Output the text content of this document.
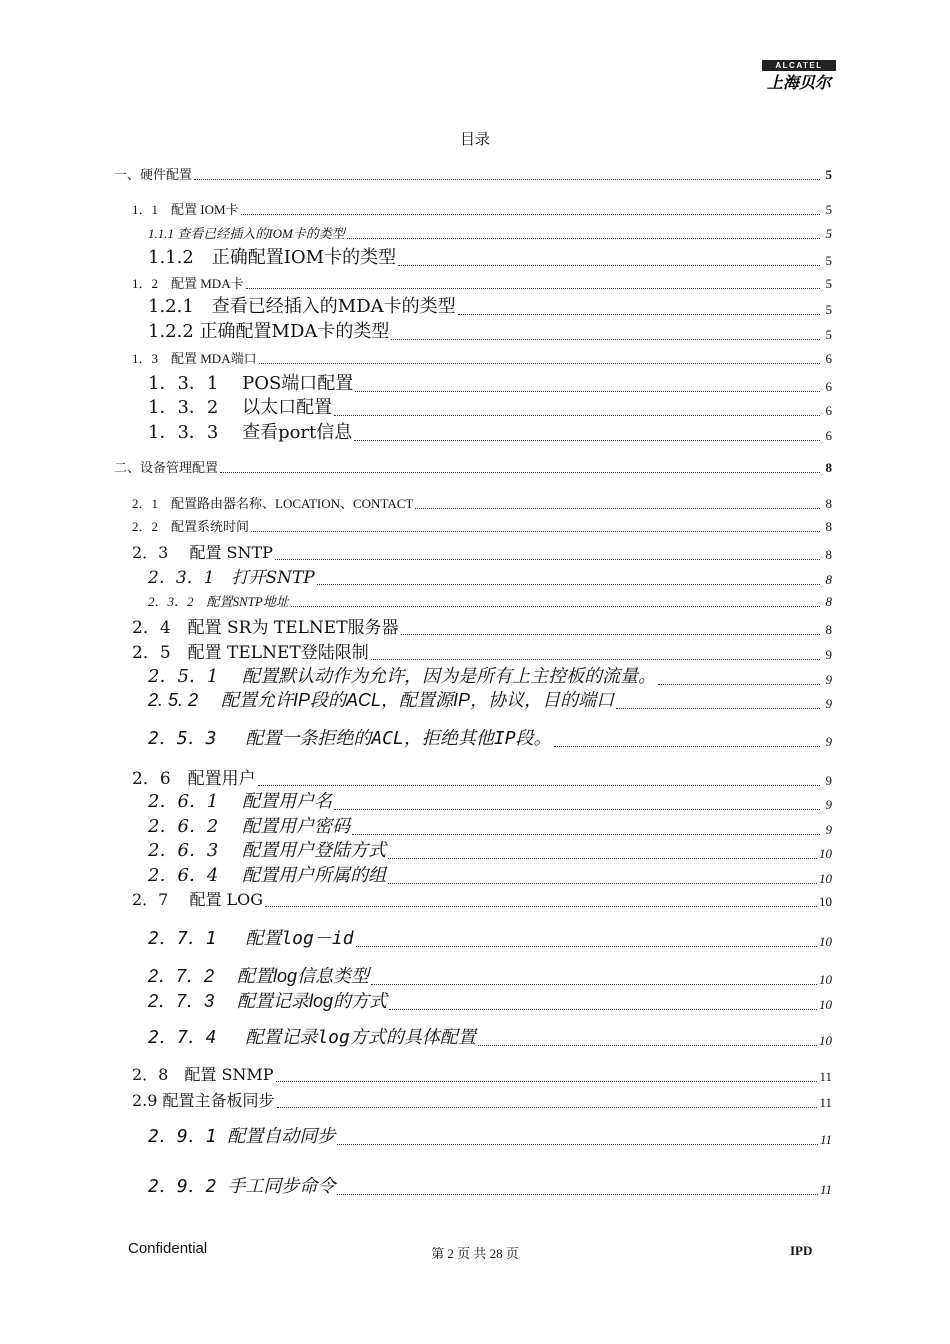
ALCATEL
上海贝尔
目录
一、硬件配置	5
1．1　配置 IOM卡	5
1.1.1 查看已经插入的IOM卡的类型	5
1.1.2　正确配置IOM卡的类型	5
1．2　配置 MDA卡	5
1.2.1　查看已经插入的MDA卡的类型	5
1.2.2 正确配置MDA卡的类型	5
1．3　配置 MDA端口	6
1．3．1　 POS端口配置	6
1．3．2　 以太口配置	6
1．3．3　 查看port信息	6
二、设备管理配置	8
2．1　配置路由器名称、LOCATION、CONTACT	8
2．2　配置系统时间	8
2．3　 配置 SNTP	8
2．3．1　打开SNTP	8
2．3．2　配置SNTP地址	8
2．4　配置 SR为 TELNET服务器	8
2．5　配置 TELNET登陆限制	9
2．5．1　 配置默认动作为允许，因为是所有上主控板的流量。	9
2. 5. 2　 配置允许IP段的ACL，配置源IP，协议，目的端口	9
2．5．3　 配置一条拒绝的ACL，拒绝其他IP段。	9
2．6　配置用户	9
2．6．1　 配置用户名	9
2．6．2　 配置用户密码	9
2．6．3　 配置用户登陆方式	10
2．6．4　 配置用户所属的组	10
2．7　 配置 LOG	10
2．7．1　 配置log－id	10
2．7．2　 配置log信息类型	10
2．7．3　 配置记录log的方式	10
2．7．4　 配置记录log方式的具体配置	10
2．8　配置 SNMP	11
2.9 配置主备板同步	11
2．9．1 配置自动同步	11
2．9．2 手工同步命令	11
Confidential	第 2 页 共 28 页	IPD
